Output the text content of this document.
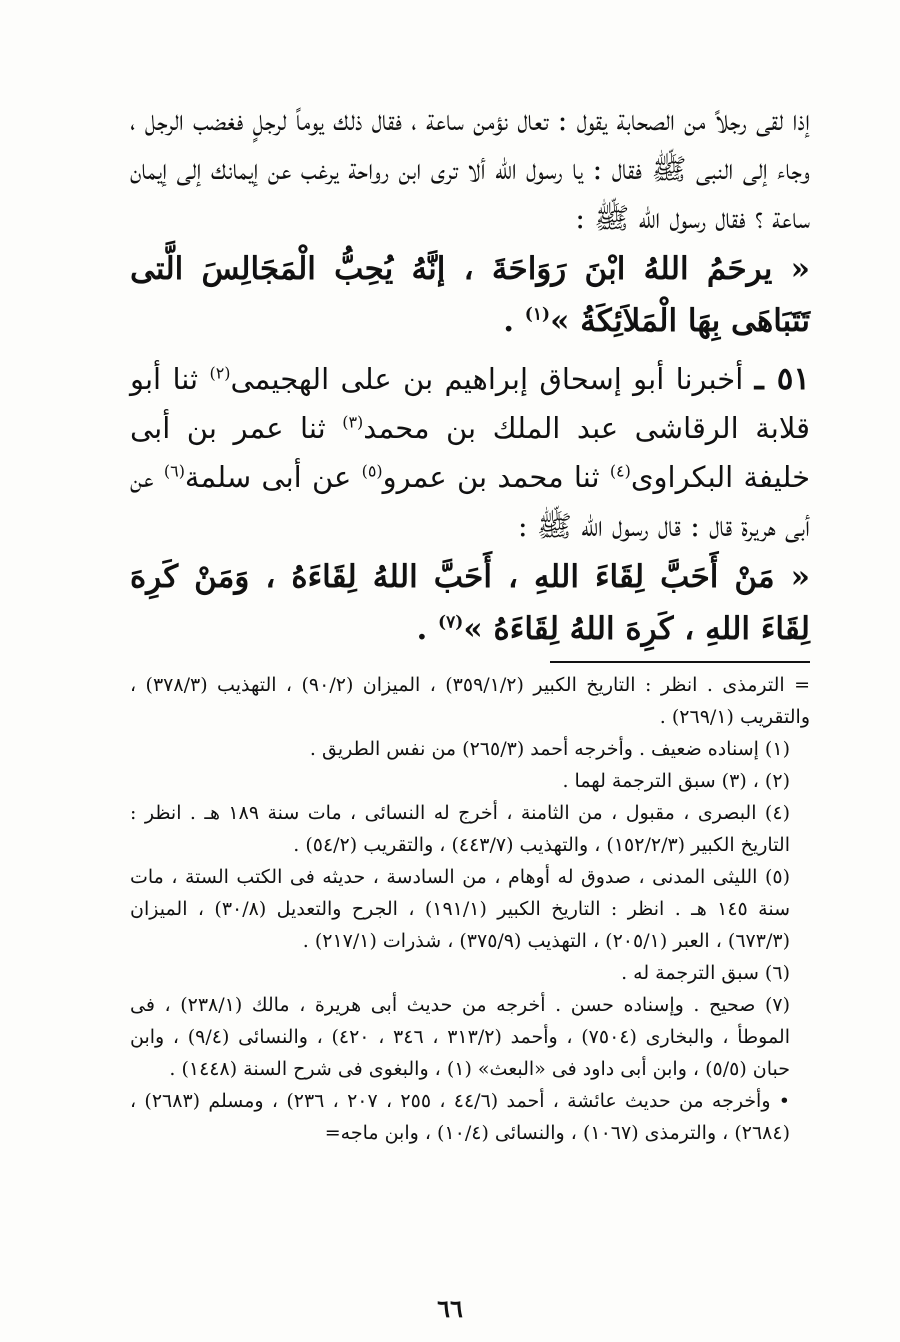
إذا لقى رجلاً من الصحابة يقول : تعال نؤمن ساعة ، فقال ذلك يوماً لرجلٍ فغضب الرجل ، وجاء إلى النبى ﷺ فقال : يا رسول الله ألا ترى ابن رواحة يرغب عن إيمانك إلى إيمان ساعة ؟ فقال رسول الله ﷺ :

« يرحَمُ اللهُ ابْنَ رَوَاحَةَ ، إنَّهُ يُحِبُّ الْمَجَالِسَ الَّتى تَتَبَاهَى بِهَا الْمَلاَئِكَةُ »$^{(١)}$ .

٥١ ـ أخبرنا أبو إسحاق إبراهيم بن على الهجيمى$^{(٢)}$ ثنا أبو قلابة الرقاشى عبد الملك بن محمد$^{(٣)}$ ثنا عمر بن أبى خليفة البكراوى$^{(٤)}$ ثنا محمد بن عمرو$^{(٥)}$ عن أبى سلمة$^{(٦)}$ عن أبى هريرة قال : قال رسول الله ﷺ :

« مَنْ أَحَبَّ لِقَاءَ اللهِ ، أَحَبَّ اللهُ لِقَاءَهُ ، وَمَنْ كَرِهَ لِقَاءَ اللهِ ، كَرِهَ اللهُ لِقَاءَهُ »$^{(٧)}$ .

= الترمذى . انظر : التاريخ الكبير (٣٥٩/١/٢) ، الميزان (٩٠/٢) ، التهذيب (٣٧٨/٣) ، والتقريب (٢٦٩/١) .

(١) إسناده ضعيف . وأخرجه أحمد (٢٦٥/٣) من نفس الطريق .

(٢) ، (٣) سبق الترجمة لهما .

(٤) البصرى ، مقبول ، من الثامنة ، أخرج له النسائى ، مات سنة ١٨٩ هـ . انظر : التاريخ الكبير (١٥٢/٢/٣) ، والتهذيب (٤٤٣/٧) ، والتقريب (٥٤/٢) .

(٥) الليثى المدنى ، صدوق له أوهام ، من السادسة ، حديثه فى الكتب الستة ، مات سنة ١٤٥ هـ . انظر : التاريخ الكبير (١٩١/١) ، الجرح والتعديل (٣٠/٨) ، الميزان (٦٧٣/٣) ، العبر (٢٠٥/١) ، التهذيب (٣٧٥/٩) ، شذرات (٢١٧/١) .

(٦) سبق الترجمة له .

(٧) صحيح . وإسناده حسن . أخرجه من حديث أبى هريرة ، مالك (٢٣٨/١) ، فى الموطأ ، والبخارى (٧٥٠٤) ، وأحمد (٣١٣/٢ ، ٣٤٦ ، ٤٢٠) ، والنسائى (٩/٤) ، وابن حبان (٥/٥) ، وابن أبى داود فى «البعث» (١) ، والبغوى فى شرح السنة (١٤٤٨) .

• وأخرجه من حديث عائشة ، أحمد (٤٤/٦ ، ٢٥٥ ، ٢٠٧ ، ٢٣٦) ، ومسلم (٢٦٨٣) ، (٢٦٨٤) ، والترمذى (١٠٦٧) ، والنسائى (١٠/٤) ، وابن ماجه=

٦٦
